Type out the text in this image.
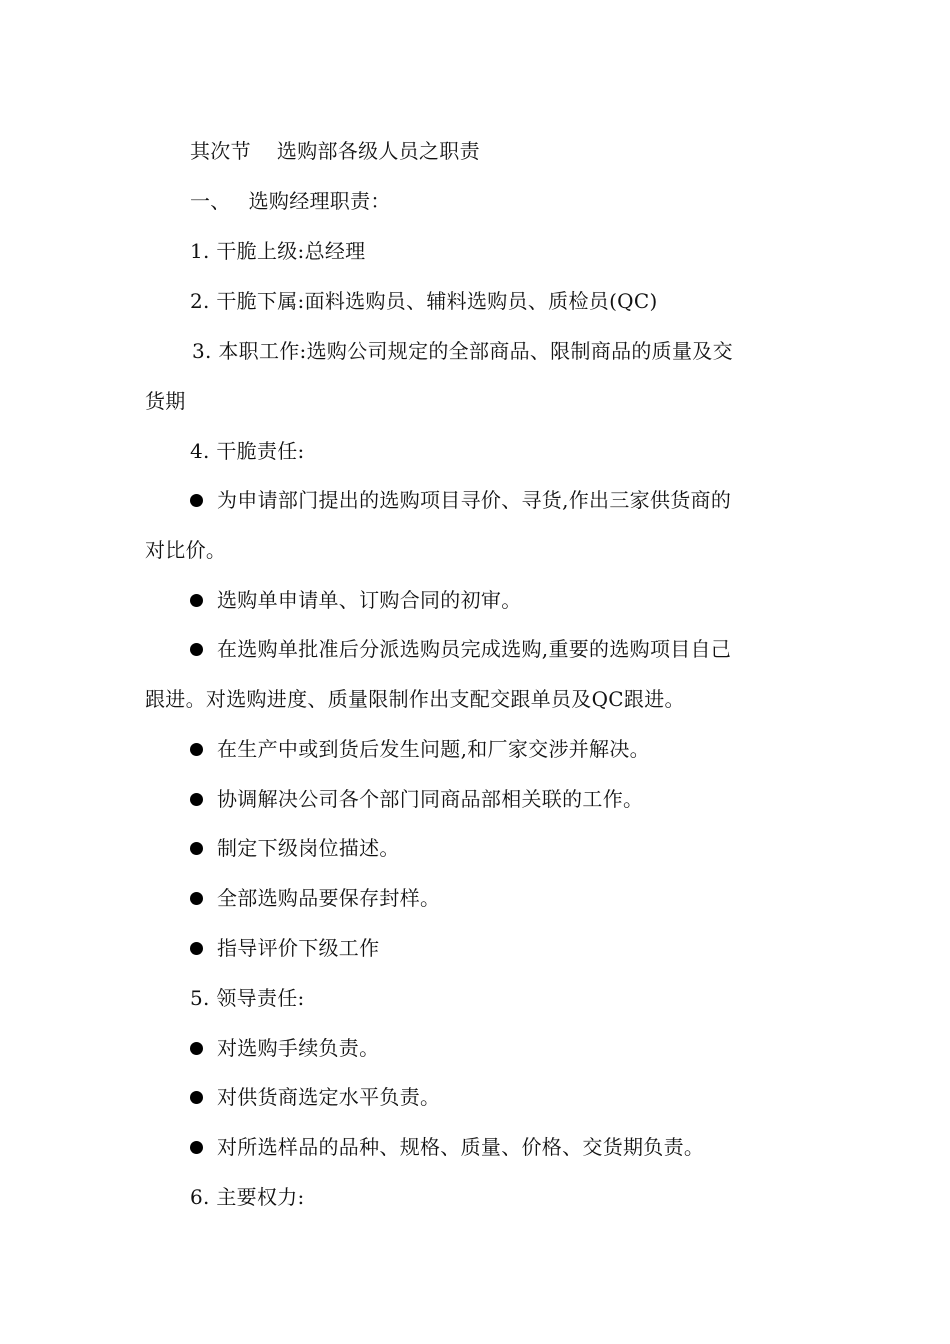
其次节 选购部各级人员之职责
一、 选购经理职责：
1. 干脆上级:总经理
2. 干脆下属:面料选购员、辅料选购员、质检员(QC)
3. 本职工作:选购公司规定的全部商品、限制商品的质量及交
货期
4. 干脆责任:
为申请部门提出的选购项目寻价、寻货,作出三家供货商的
对比价。
选购单申请单、订购合同的初审。
在选购单批准后分派选购员完成选购,重要的选购项目自己
跟进。对选购进度、质量限制作出支配交跟单员及QC跟进。
在生产中或到货后发生问题,和厂家交涉并解决。
协调解决公司各个部门同商品部相关联的工作。
制定下级岗位描述。
全部选购品要保存封样。
指导评价下级工作
5. 领导责任:
对选购手续负责。
对供货商选定水平负责。
对所选样品的品种、规格、质量、价格、交货期负责。
6. 主要权力:
